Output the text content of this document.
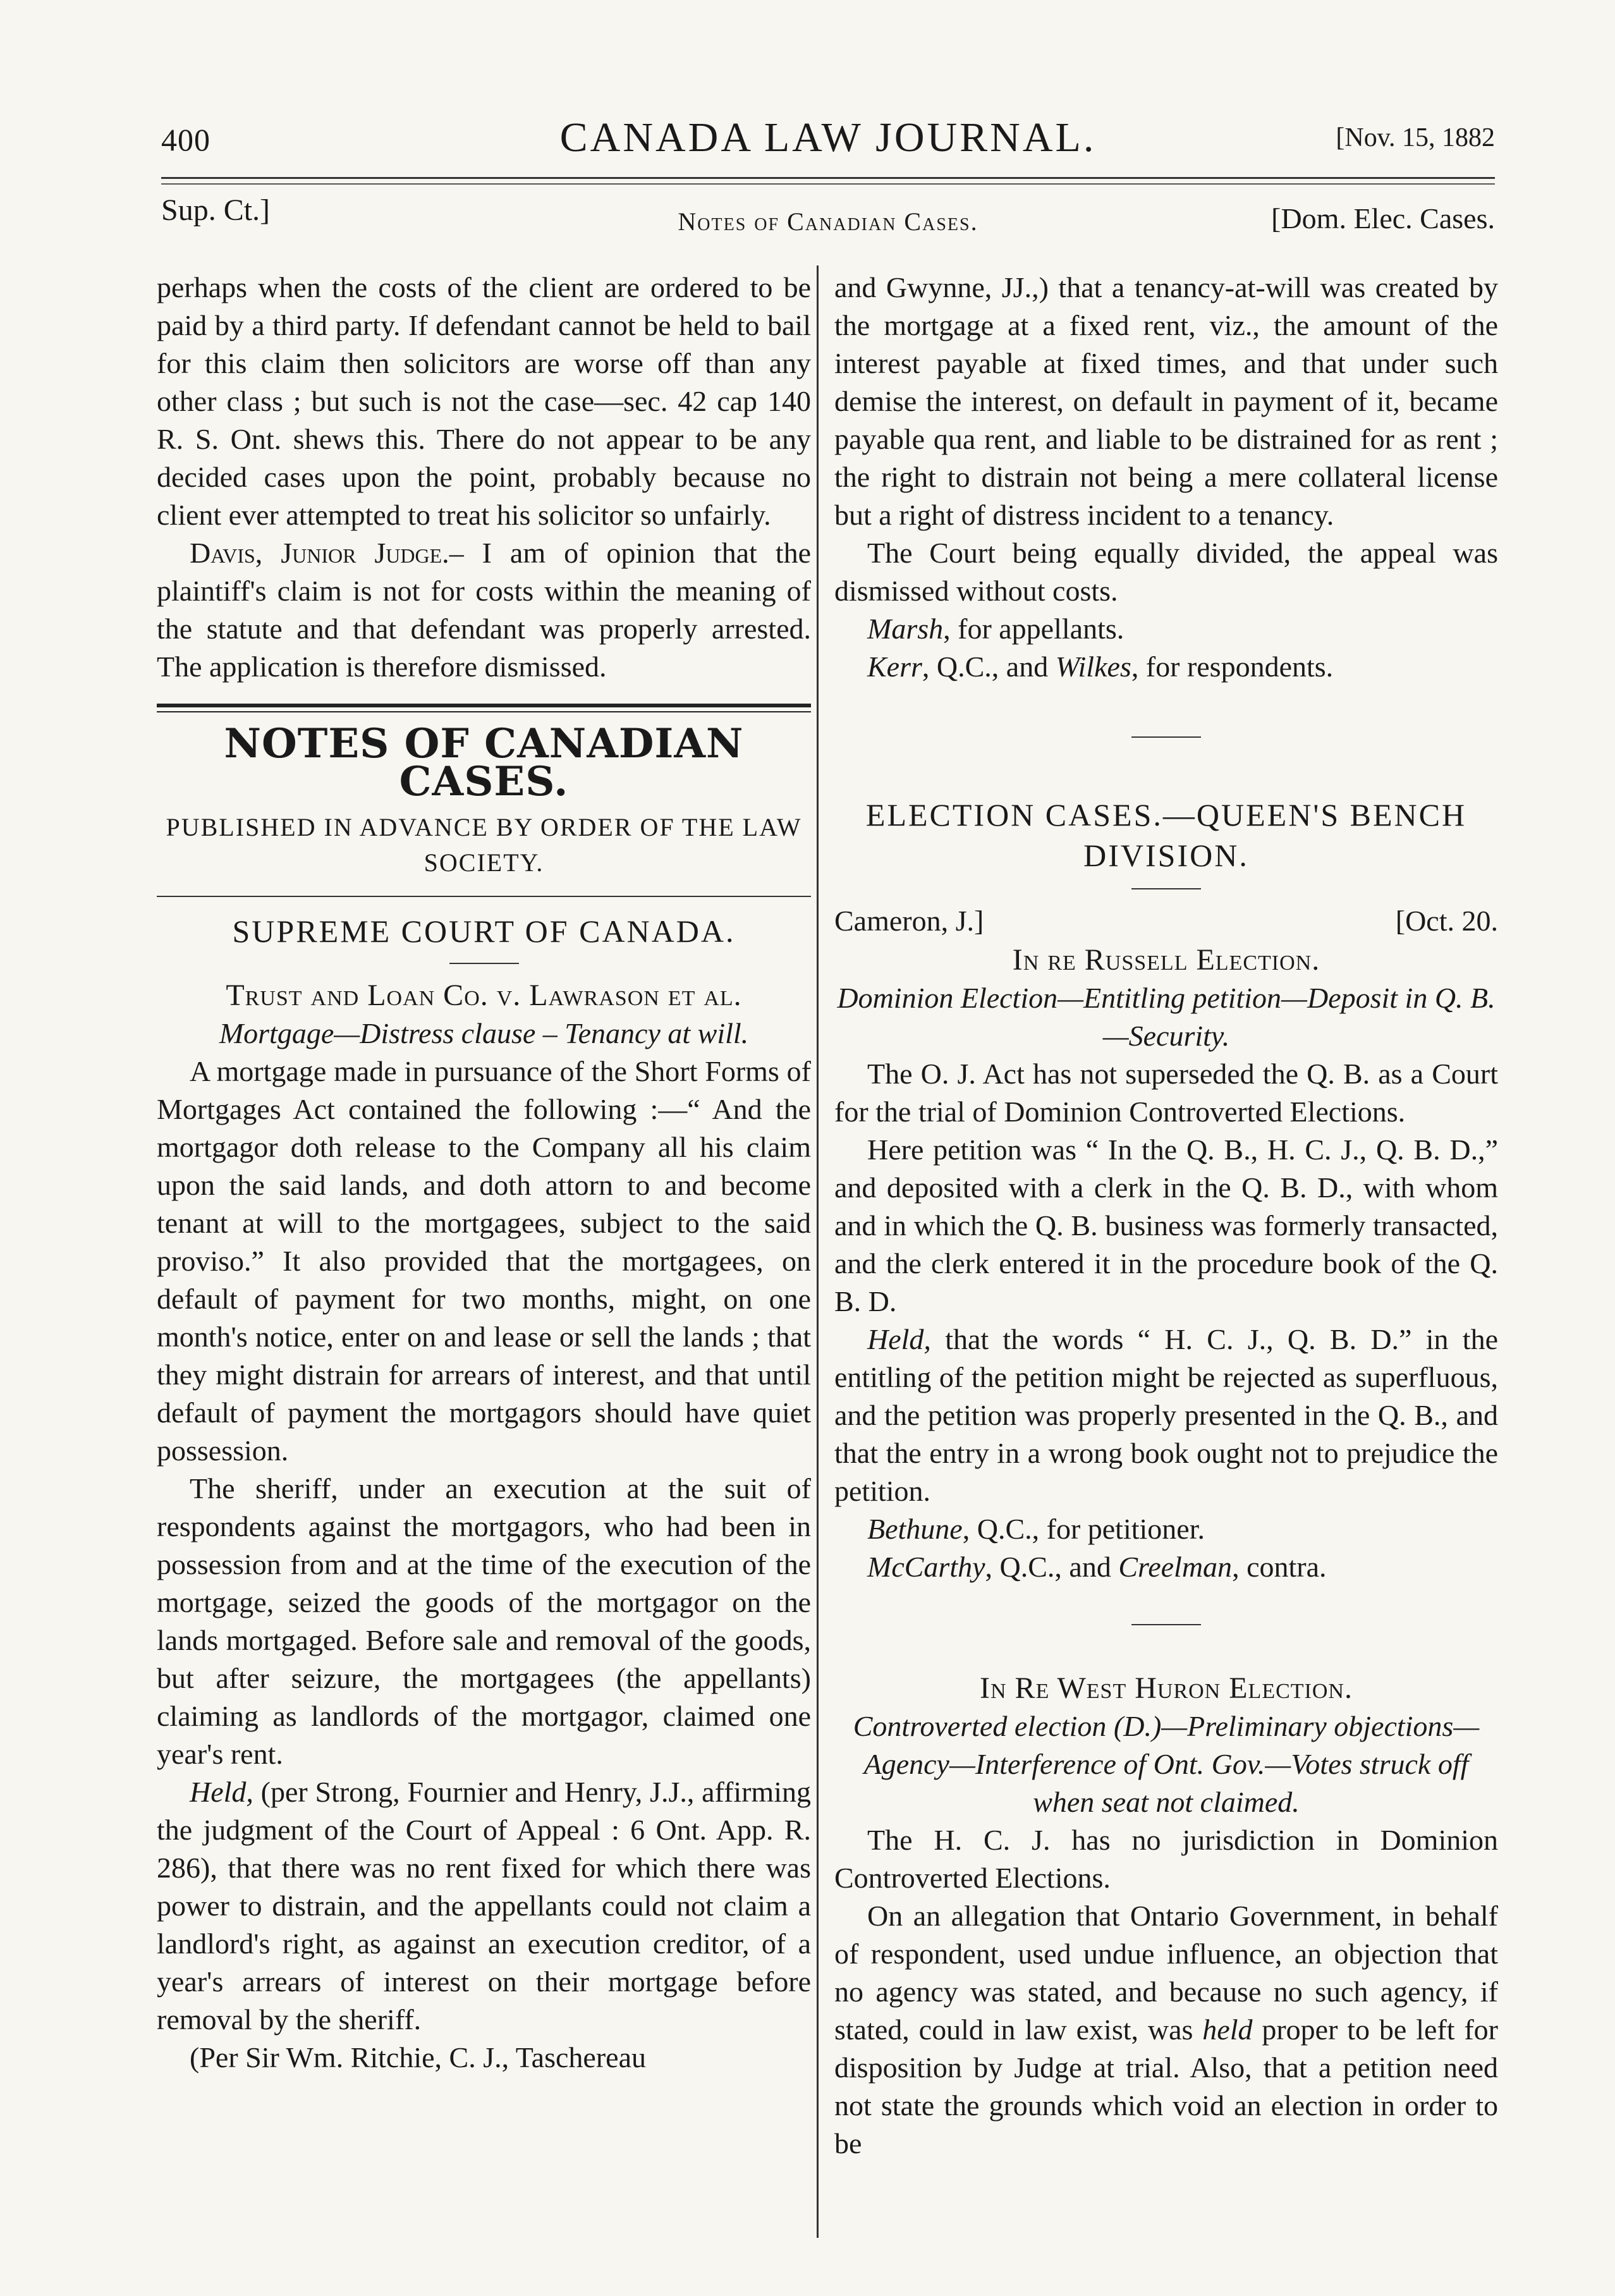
400	CANADA LAW JOURNAL.	[Nov. 15, 1882
Sup. Ct.]	Notes of Canadian Cases.	[Dom. Elec. Cases.

perhaps when the costs of the client are ordered to be paid by a third party. If defendant cannot be held to bail for this claim then solicitors are worse off than any other class ; but such is not the case—sec. 42 cap 140 R. S. Ont. shews this. There do not appear to be any decided cases upon the point, probably because no client ever attempted to treat his solicitor so unfairly.

Davis, Junior Judge.– I am of opinion that the plaintiff's claim is not for costs within the meaning of the statute and that defendant was properly arrested. The application is therefore dismissed.

NOTES OF CANADIAN CASES.
PUBLISHED IN ADVANCE BY ORDER OF THE LAW SOCIETY.
SUPREME COURT OF CANADA.
Trust and Loan Co. v. Lawrason et al.

Mortgage—Distress clause – Tenancy at will.

A mortgage made in pursuance of the Short Forms of Mortgages Act contained the following :—“ And the mortgagor doth release to the Company all his claim upon the said lands, and doth attorn to and become tenant at will to the mortgagees, subject to the said proviso.” It also provided that the mortgagees, on default of payment for two months, might, on one month's notice, enter on and lease or sell the lands ; that they might distrain for arrears of interest, and that until default of payment the mortgagors should have quiet possession.

The sheriff, under an execution at the suit of respondents against the mortgagors, who had been in possession from and at the time of the execution of the mortgage, seized the goods of the mortgagor on the lands mortgaged. Before sale and removal of the goods, but after seizure, the mortgagees (the appellants) claiming as landlords of the mortgagor, claimed one year's rent.

Held, (per Strong, Fournier and Henry, J.J., affirming the judgment of the Court of Appeal : 6 Ont. App. R. 286), that there was no rent fixed for which there was power to distrain, and the appellants could not claim a landlord's right, as against an execution creditor, of a year's arrears of interest on their mortgage before removal by the sheriff.

(Per Sir Wm. Ritchie, C. J., Taschereau

and Gwynne, JJ.,) that a tenancy-at-will was created by the mortgage at a fixed rent, viz., the amount of the interest payable at fixed times, and that under such demise the interest, on default in payment of it, became payable qua rent, and liable to be distrained for as rent ; the right to distrain not being a mere collateral license but a right of distress incident to a tenancy.

The Court being equally divided, the appeal was dismissed without costs.

Marsh, for appellants.

Kerr, Q.C., and Wilkes, for respondents.

ELECTION CASES.—QUEEN'S BENCH DIVISION.
Cameron, J.]	[Oct. 20.
In re Russell Election.

Dominion Election—Entitling petition—Deposit in Q. B.—Security.

The O. J. Act has not superseded the Q. B. as a Court for the trial of Dominion Controverted Elections.

Here petition was “ In the Q. B., H. C. J., Q. B. D.,” and deposited with a clerk in the Q. B. D., with whom and in which the Q. B. business was formerly transacted, and the clerk entered it in the procedure book of the Q. B. D.

Held, that the words “ H. C. J., Q. B. D.” in the entitling of the petition might be rejected as superfluous, and the petition was properly presented in the Q. B., and that the entry in a wrong book ought not to prejudice the petition.

Bethune, Q.C., for petitioner.

McCarthy, Q.C., and Creelman, contra.

In Re West Huron Election.

Controverted election (D.)—Preliminary objections—Agency—Interference of Ont. Gov.—Votes struck off when seat not claimed.

The H. C. J. has no jurisdiction in Dominion Controverted Elections.

On an allegation that Ontario Government, in behalf of respondent, used undue influence, an objection that no agency was stated, and because no such agency, if stated, could in law exist, was held proper to be left for disposition by Judge at trial. Also, that a petition need not state the grounds which void an election in order to be
